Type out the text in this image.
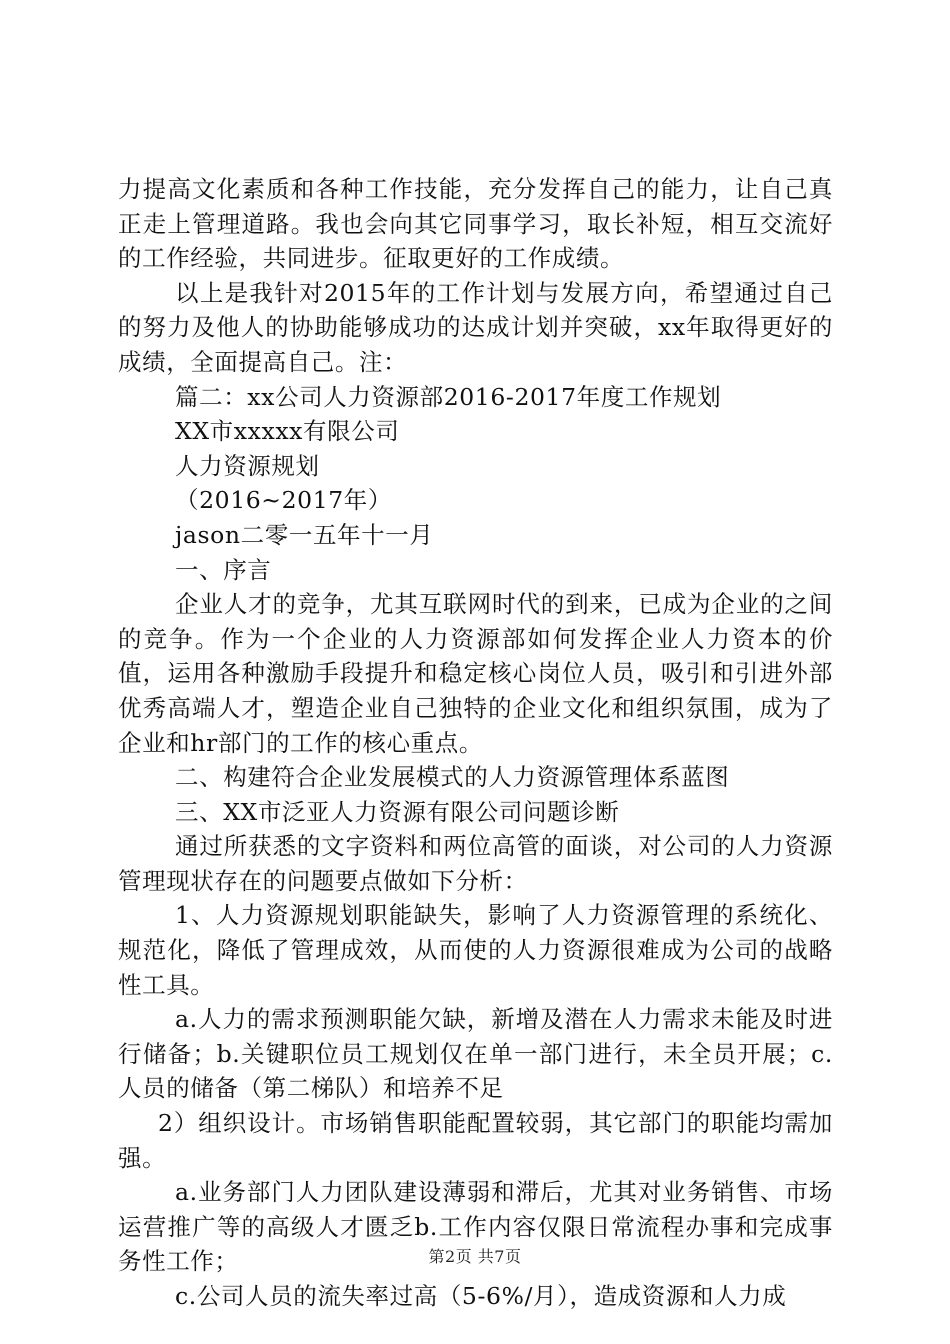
力提高文化素质和各种工作技能，充分发挥自己的能力，让自己真正走上管理道路。我也会向其它同事学习，取长补短，相互交流好的工作经验，共同进步。征取更好的工作成绩。

以上是我针对2015年的工作计划与发展方向，希望通过自己的努力及他人的协助能够成功的达成计划并突破，xx年取得更好的成绩，全面提高自己。注：

篇二：xx公司人力资源部2016-2017年度工作规划

XX市xxxxx有限公司

人力资源规划

（2016~2017年）

jason二零一五年十一月

一、序言

企业人才的竞争，尤其互联网时代的到来，已成为企业的之间的竞争。作为一个企业的人力资源部如何发挥企业人力资本的价值，运用各种激励手段提升和稳定核心岗位人员，吸引和引进外部优秀高端人才，塑造企业自己独特的企业文化和组织氛围，成为了企业和hr部门的工作的核心重点。

二、构建符合企业发展模式的人力资源管理体系蓝图

三、XX市泛亚人力资源有限公司问题诊断

通过所获悉的文字资料和两位高管的面谈，对公司的人力资源管理现状存在的问题要点做如下分析：

1、人力资源规划职能缺失，影响了人力资源管理的系统化、规范化，降低了管理成效，从而使的人力资源很难成为公司的战略性工具。

a.人力的需求预测职能欠缺，新增及潜在人力需求未能及时进行储备；b.关键职位员工规划仅在单一部门进行，未全员开展；c.人员的储备（第二梯队）和培养不足

2）组织设计。市场销售职能配置较弱，其它部门的职能均需加强。

a.业务部门人力团队建设薄弱和滞后，尤其对业务销售、市场运营推广等的高级人才匮乏b.工作内容仅限日常流程办事和完成事务性工作；

c.公司人员的流失率过高（5-6%/月），造成资源和人力成

第2页 共7页
